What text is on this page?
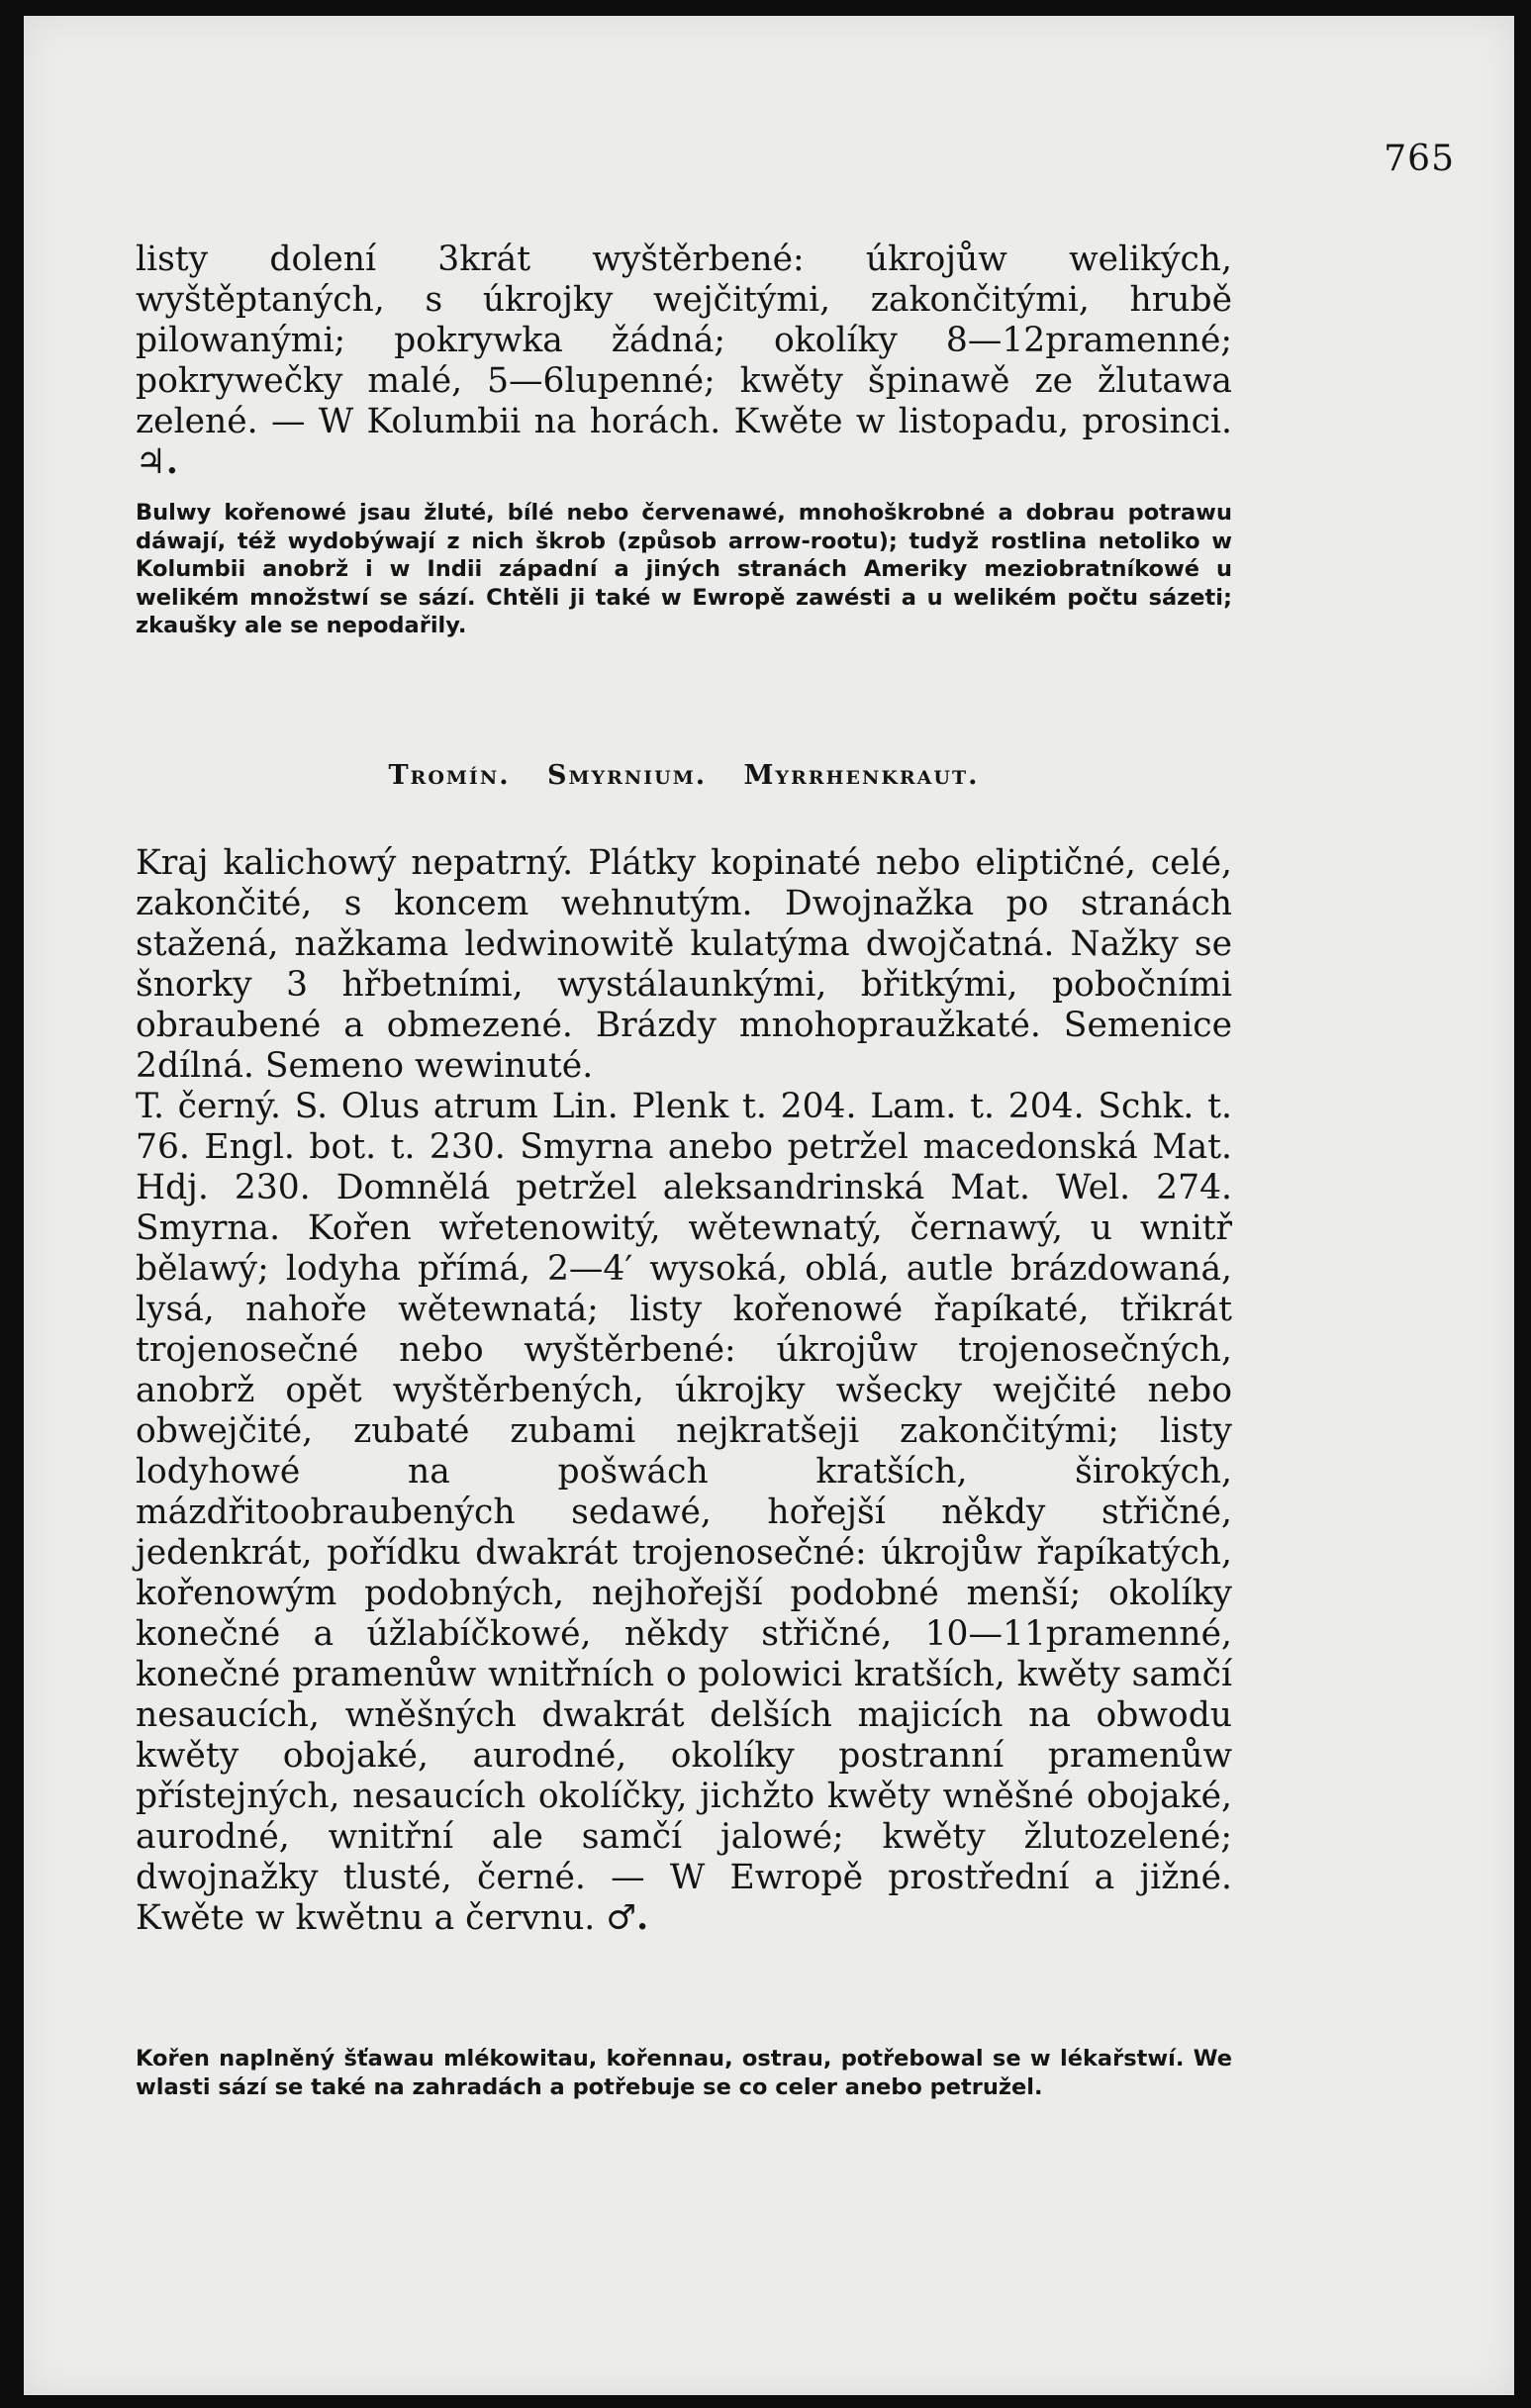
765
listy dolení 3krát wyštěrbené: úkrojůw welikých, wyštěptaných, s úkrojky wejčitými, zakončitými, hrubě pilowanými; pokrywka žádná; okolíky 8—12pramenné; pokrywečky malé, 5—6lupenné; kwěty špinawě ze žlutawa zelené. — W Kolumbii na horách. Kwěte w listopadu, prosinci. ♃.
Bulwy kořenowé jsau žluté, bílé nebo červenawé, mnohoškrobné a dobrau potrawu dáwají, též wydobýwají z nich škrob (způsob arrow-rootu); tudyž rostlina netoliko w Kolumbii anobrž i w Indii západní a jiných stranách Ameriky meziobratníkowé u welikém množstwí se sází. Chtěli ji také w Ewropě zawésti a u welikém počtu sázeti; zkaušky ale se nepodařily.
Tromín. Smyrnium. Myrrhenkraut.
Kraj kalichowý nepatrný. Plátky kopinaté nebo eliptičné, celé, zakončité, s koncem wehnutým. Dwojnažka po stranách stažená, nažkama ledwinowitě kulatýma dwojčatná. Nažky se šnorky 3 hřbetními, wystálaunkými, břitkými, pobočními obraubené a obmezené. Brázdy mnohopraužkaté. Semenice 2dílná. Semeno wewinuté.
T. černý. S. Olus atrum Lin. Plenk t. 204. Lam. t. 204. Schk. t. 76. Engl. bot. t. 230. Smyrna anebo petržel macedonská Mat. Hdj. 230. Domnělá petržel aleksandrinská Mat. Wel. 274. Smyrna. Kořen wřetenowitý, wětewnatý, černawý, u wnitř bělawý; lodyha přímá, 2—4′ wysoká, oblá, autle brázdowaná, lysá, nahoře wětewnatá; listy kořenowé řapíkaté, třikrát trojenosečné nebo wyštěrbené: úkrojůw trojenosečných, anobrž opět wyštěrbených, úkrojky wšecky wejčité nebo obwejčité, zubaté zubami nejkratšeji zakončitými; listy lodyhowé na pošwách kratších, širokých, mázdřitoobraubených sedawé, hořejší někdy střičné, jedenkrát, pořídku dwakrát trojenosečné: úkrojůw řapíkatých, kořenowým podobných, nejhořejší podobné menší; okolíky konečné a úžlabíčkowé, někdy střičné, 10—11pramenné, konečné pramenůw wnitřních o polowici kratších, kwěty samčí nesaucích, wněšných dwakrát delších majicích na obwodu kwěty obojaké, aurodné, okolíky postranní pramenůw přístejných, nesaucích okolíčky, jichžto kwěty wněšné obojaké, aurodné, wnitřní ale samčí jalowé; kwěty žlutozelené; dwojnažky tlusté, černé. — W Ewropě prostřední a jižné. Kwěte w kwětnu a červnu. ♂.
Kořen naplněný šťawau mlékowitau, kořennau, ostrau, potřebowal se w lékařstwí. We wlasti sází se také na zahradách a potřebuje se co celer anebo petružel.
